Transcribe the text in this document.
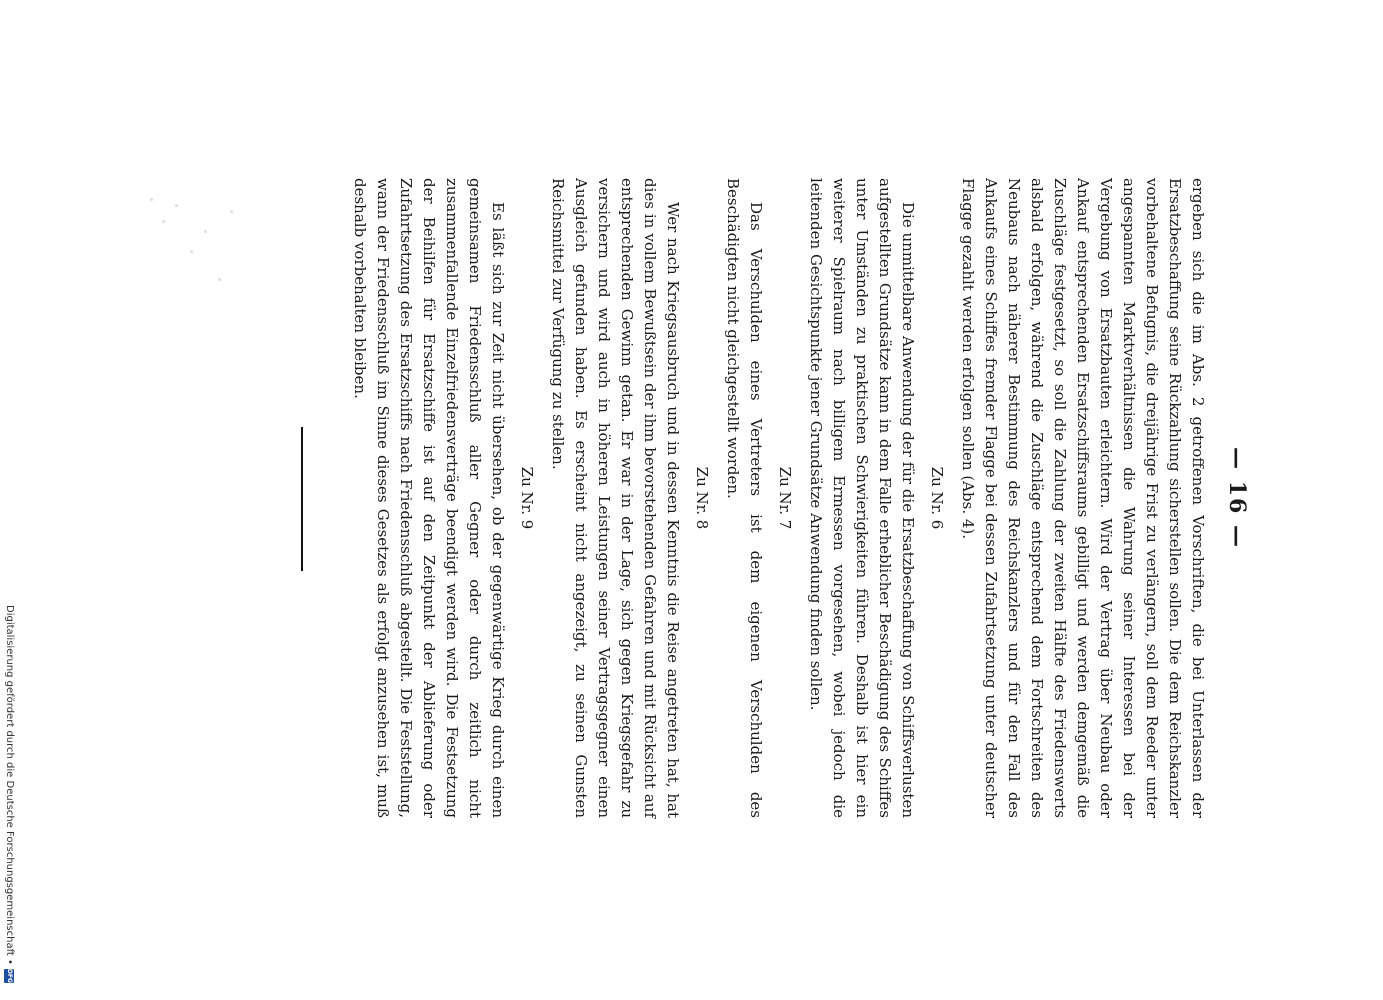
— 16 —

ergeben sich die im Abs. 2 getroffenen Vorschriften, die bei Unterlassen der Ersatzbeschaffung seine Rückzahlung sicherstellen sollen. Die dem Reichskanzler vorbehaltene Befugnis, die dreijährige Frist zu verlängern, soll dem Reeder unter angespannten Marktverhältnissen die Wahrung seiner Interessen bei der Vergebung von Ersatzbauten erleichtern. Wird der Vertrag über Neubau oder Ankauf entsprechenden Ersatzschiffsraums gebilligt und werden demgemäß die Zuschläge festgesetzt, so soll die Zahlung der zweiten Hälfte des Friedenswerts alsbald erfolgen, während die Zuschläge entsprechend dem Fortschreiten des Neubaus nach näherer Bestimmung des Reichskanzlers und für den Fall des Ankaufs eines Schiffes fremder Flagge bei dessen Zufahrtsetzung unter deutscher Flagge gezahlt werden erfolgen sollen (Abs. 4).

Zu Nr. 6

Die unmittelbare Anwendung der für die Ersatzbeschaffung von Schiffsverlusten aufgestellten Grundsätze kann in dem Falle erheblicher Beschädigung des Schiffes unter Umständen zu praktischen Schwierigkeiten führen. Deshalb ist hier ein weiterer Spielraum nach billigem Ermessen vorgesehen, wobei jedoch die leitenden Gesichtspunkte jener Grundsätze Anwendung finden sollen.

Zu Nr. 7

Das Verschulden eines Vertreters ist dem eigenen Verschulden des Beschädigten nicht gleichgestellt worden.

Zu Nr. 8

Wer nach Kriegsausbruch und in dessen Kenntnis die Reise angetreten hat, hat dies in vollem Bewußtsein der ihm bevorstehenden Gefahren und mit Rücksicht auf entsprechenden Gewinn getan. Er war in der Lage, sich gegen Kriegsgefahr zu versichern und wird auch in höheren Leistungen seiner Vertragsgegner einen Ausgleich gefunden haben. Es erscheint nicht angezeigt, zu seinen Gunsten Reichsmittel zur Verfügung zu stellen.

Zu Nr. 9

Es läßt sich zur Zeit nicht übersehen, ob der gegenwärtige Krieg durch einen gemeinsamen Friedensschluß aller Gegner oder durch zeitlich nicht zusammenfallende Einzelfriedensverträge beendigt werden wird. Die Festsetzung der Beihilfen für Ersatzschiffe ist auf den Zeitpunkt der Ablieferung oder Zufahrtsetzung des Ersatzschiffs nach Friedensschluß abgestellt. Die Feststellung, wann der Friedensschluß im Sinne dieses Gesetzes als erfolgt anzusehen ist, muß deshalb vorbehalten bleiben.

Digitalisierung gefördert durch die Deutsche Forschungsgemeinschaft •
DFG
